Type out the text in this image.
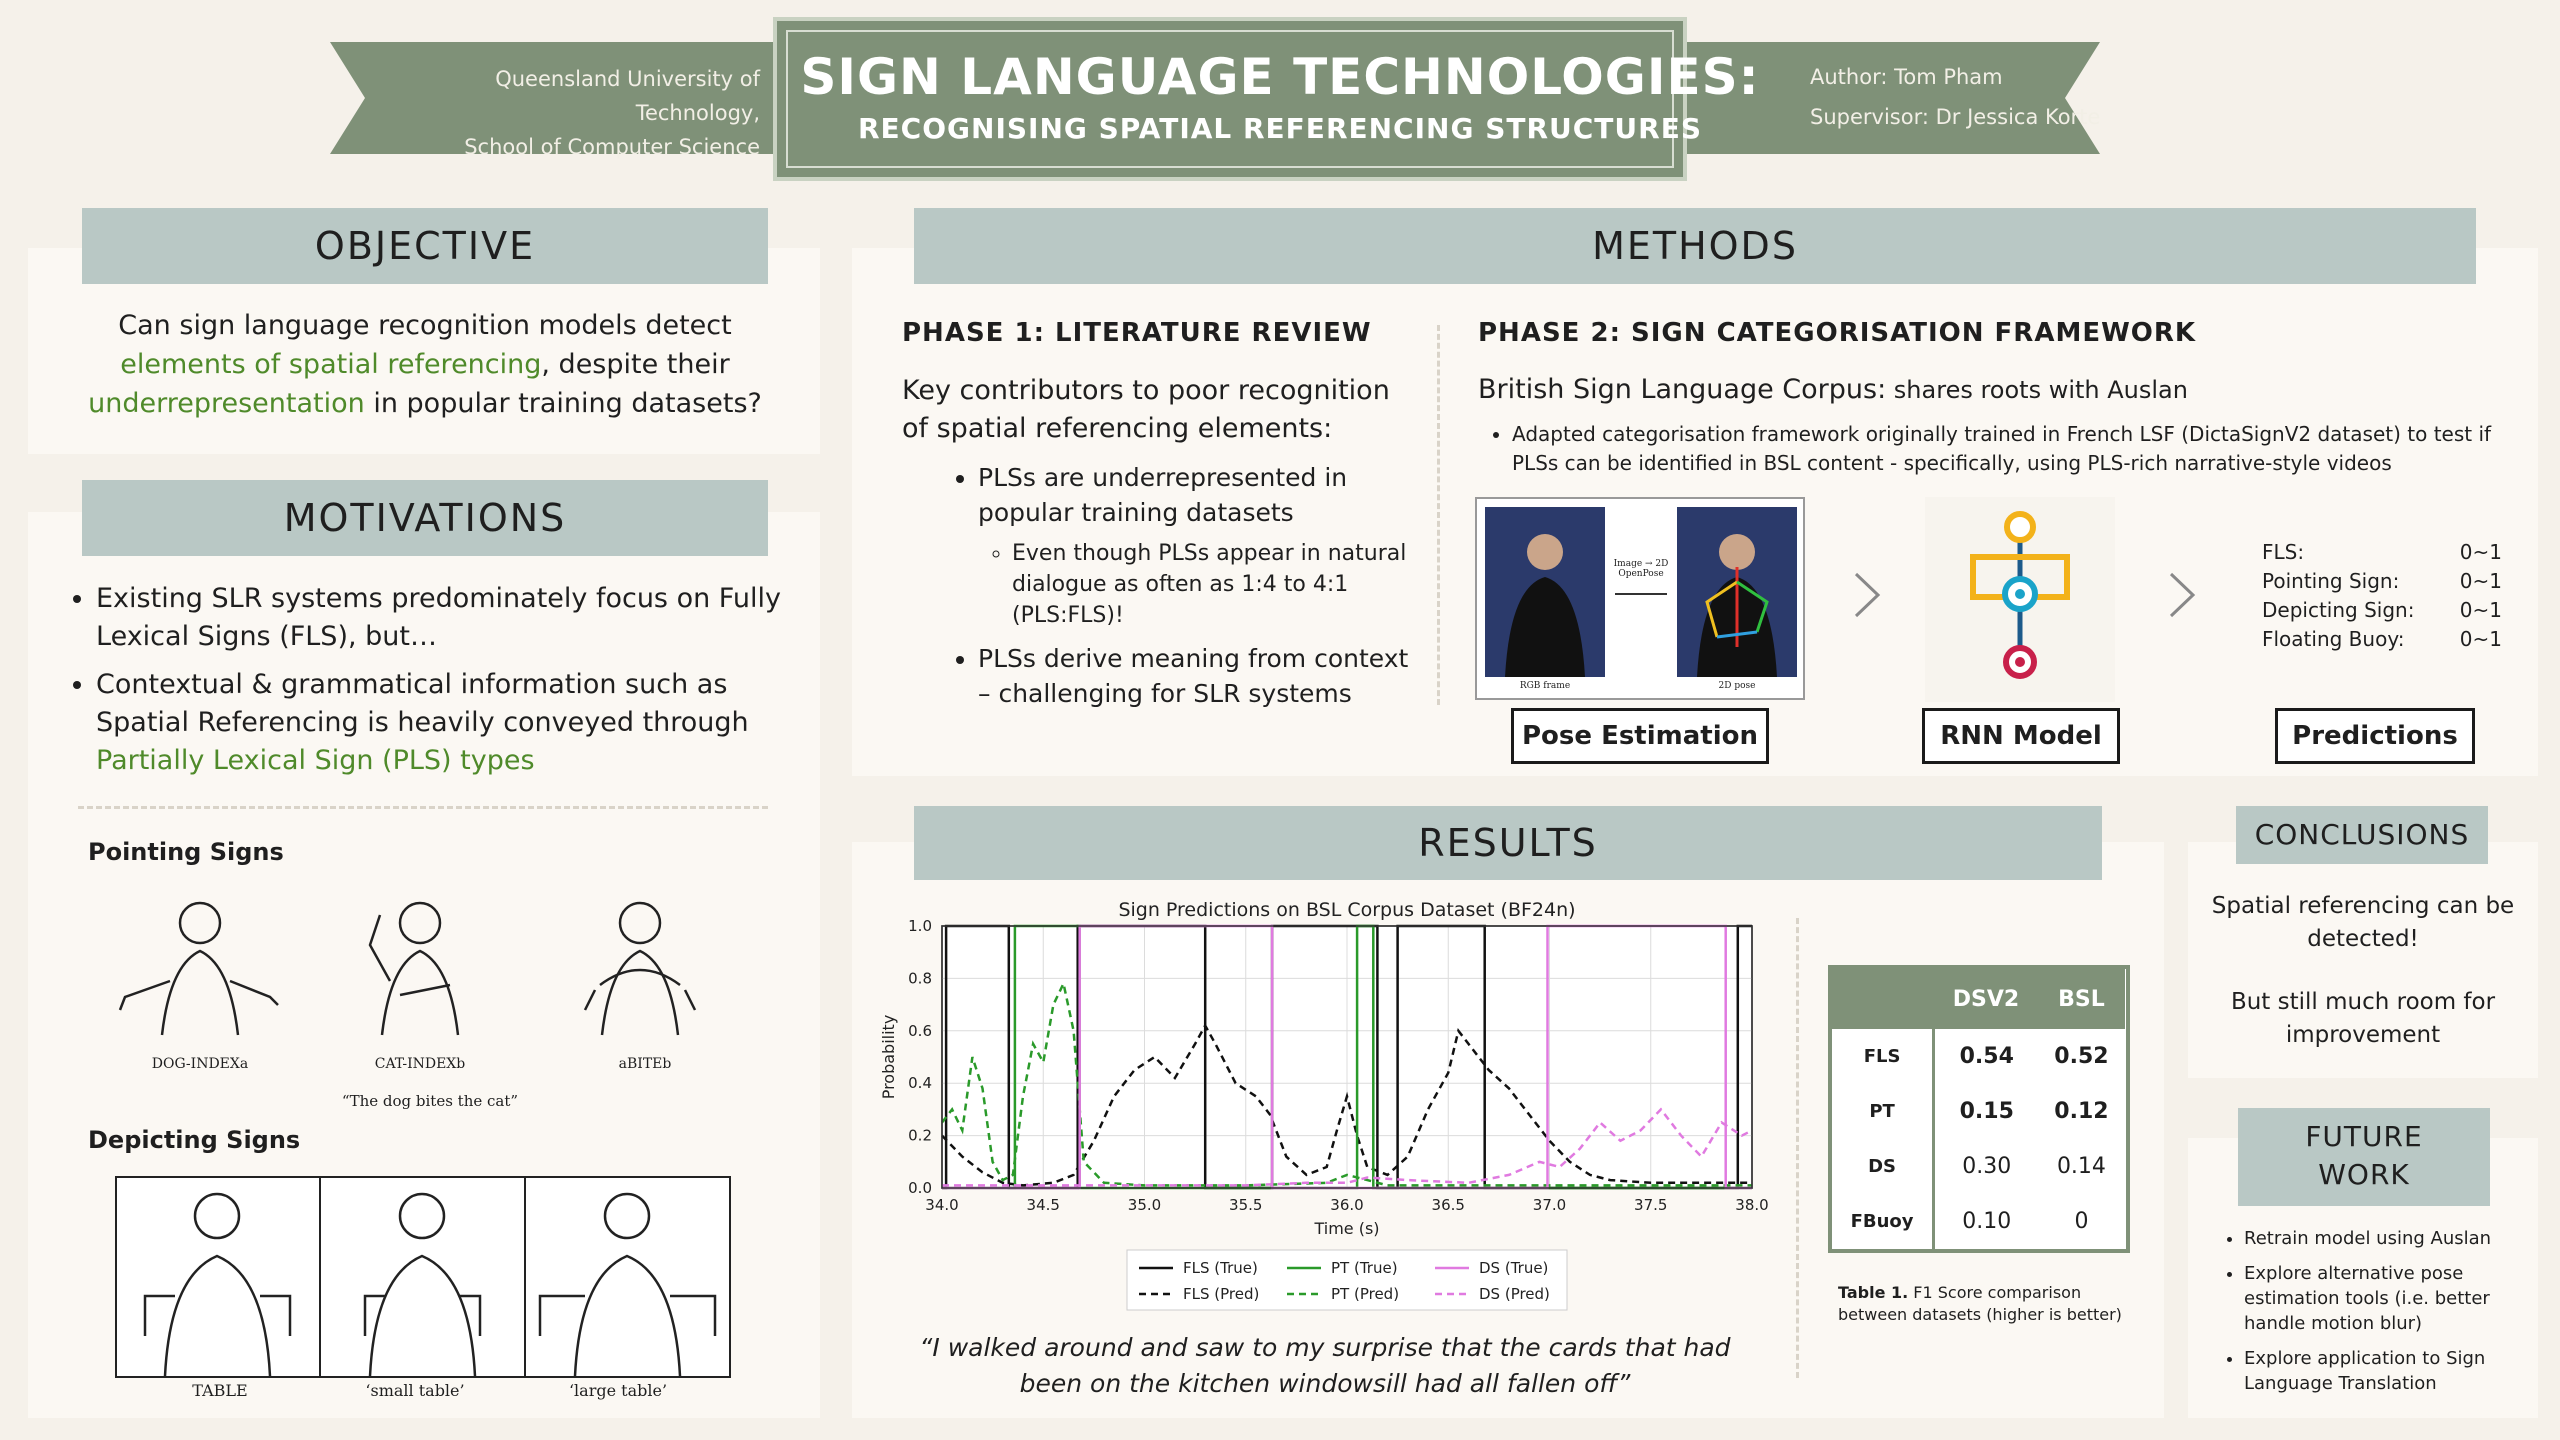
Queensland University of Technology,
School of Computer Science
SIGN LANGUAGE TECHNOLOGIES:
RECOGNISING SPATIAL REFERENCING STRUCTURES
Author: Tom Pham
Supervisor: Dr Jessica Korte
OBJECTIVE
Can sign language recognition models detect
elements of spatial referencing, despite their
underrepresentation in popular training datasets?
MOTIVATIONS
• Existing SLR systems predominately focus on Fully Lexical Signs (FLS), but…
• Contextual & grammatical information such as Spatial Referencing is heavily conveyed through Partially Lexical Sign (PLS) types
Pointing Signs
DOG-INDEXa	CAT-INDEXb	aBITEb
“The dog bites the cat”
Depicting Signs
TABLE	‘small table’	‘large table’
METHODS
PHASE 1: LITERATURE REVIEW
Key contributors to poor recognition of spatial referencing elements:
• PLSs are underrepresented in popular training datasets
◦ Even though PLSs appear in natural dialogue as often as 1:4 to 4:1 (PLS:FLS)!
• PLSs derive meaning from context – challenging for SLR systems
PHASE 2: SIGN CATEGORISATION FRAMEWORK
British Sign Language Corpus: shares roots with Auslan
• Adapted categorisation framework originally trained in French LSF (DictaSignV2 dataset) to test if PLSs can be identified in BSL content - specifically, using PLS-rich narrative-style videos
Image → 2D OpenPose
RGB frame	2D pose
FLS:	0~1
Pointing Sign:	0~1
Depicting Sign: 0~1
Floating Buoy:	0~1
Pose Estimation	RNN Model	Predictions
RESULTS
34.0	34.5	35.0	35.5	36.0	36.5	37.0	37.5	38.0
0.0
0.2
0.4
0.6
0.8
1.0
Sign Predictions on BSL Corpus Dataset (BF24n)
Time (s)
Probability
FLS (True)	PT (True)	DS (True)
FLS (Pred)	PT (Pred)	DS (Pred)
“I walked around and saw to my surprise that the cards that had been on the kitchen windowsill had all fallen off”
	DSV2	BSL
FLS	0.54	0.52
PT	0.15	0.12
DS	0.30	0.14
FBuoy	0.10	0
Table 1. F1 Score comparison between datasets (higher is better)
CONCLUSIONS
Spatial referencing can be detected!
But still much room for improvement
FUTURE
WORK
• Retrain model using Auslan
• Explore alternative pose estimation tools (i.e. better handle motion blur)
• Explore application to Sign Language Translation
